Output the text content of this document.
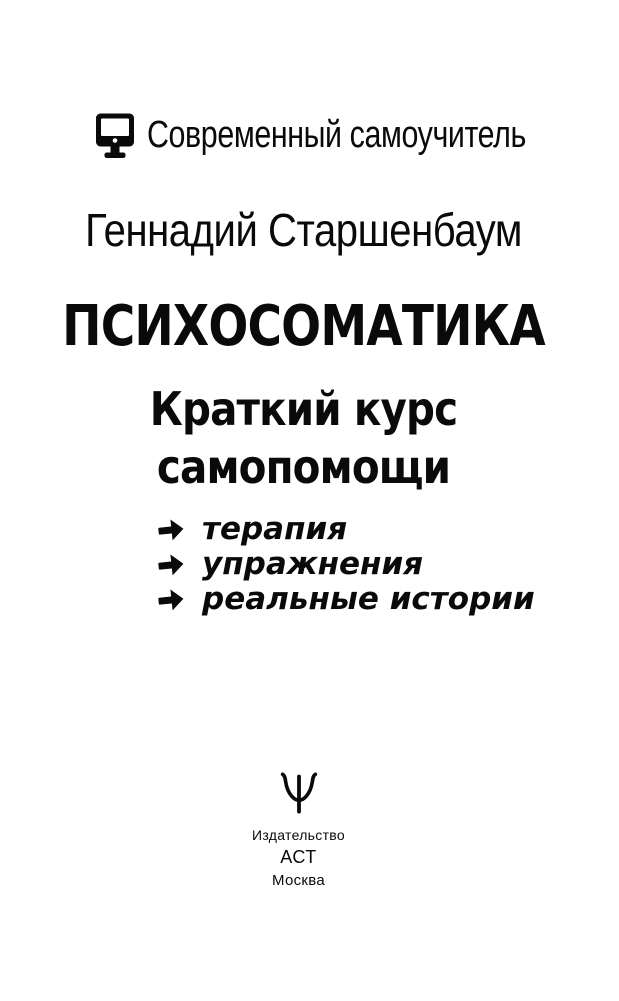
Современный самоучитель
Геннадий Старшенбаум
ПСИХОСОМАТИКА
Краткий курс
самопомощи
терапия
упражнения
реальные истории
Издательство
АСТ
Москва
